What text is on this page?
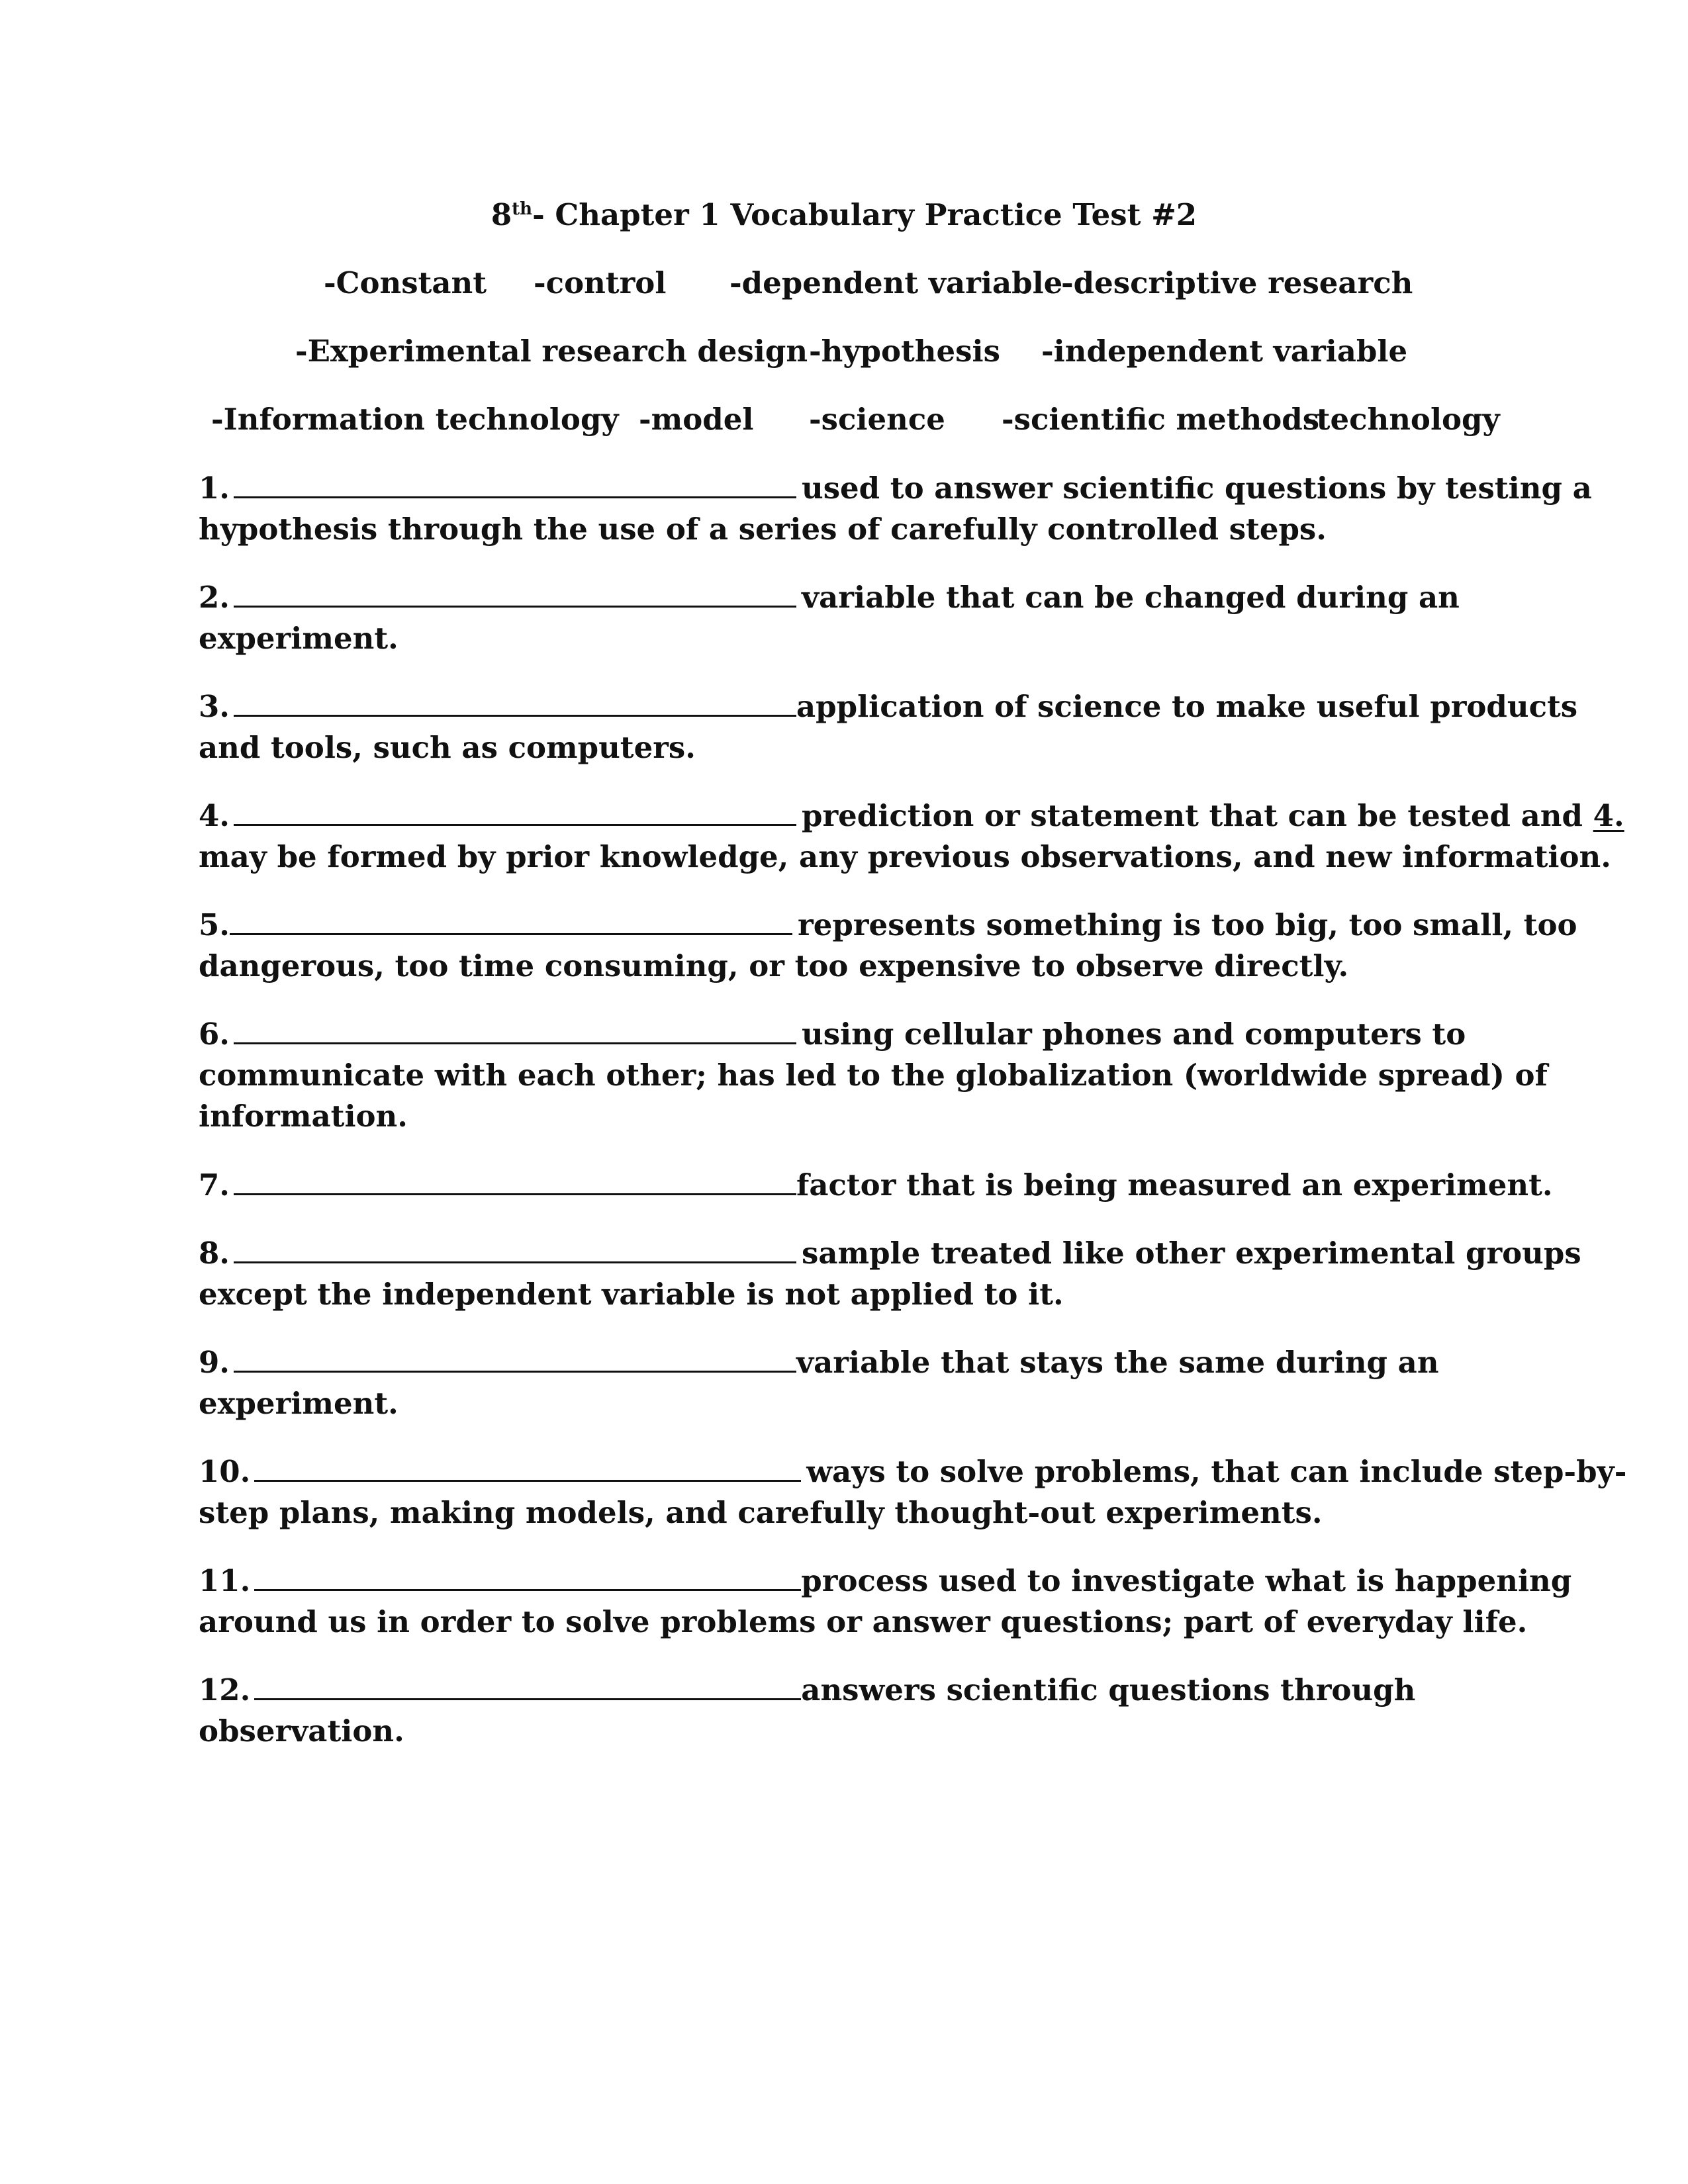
8th- Chapter 1 Vocabulary Practice Test #2
-Constant -control -dependent variable
-descriptive research
-Experimental research design -hypothesis -independent variable
-Information technology -model -science -scientific methods
-technology
1.	used to answer scientific questions by testing a
hypothesis through the use of a series of carefully controlled steps.
2.	variable that can be changed during an
experiment.
3.	application of science to make useful products
and tools, such as computers.
4.	prediction or statement that can be tested and 4.
may be formed by prior knowledge, any previous observations, and new information.
5.	represents something is too big, too small, too
dangerous, too time consuming, or too expensive to observe directly.
6.	using cellular phones and computers to
communicate with each other; has led to the globalization (worldwide spread) of
information.
7.	factor that is being measured an experiment.
8.	sample treated like other experimental groups
except the independent variable is not applied to it.
9.	variable that stays the same during an
experiment.
10.	ways to solve problems, that can include step-by-
step plans, making models, and carefully thought-out experiments.
11.	process used to investigate what is happening
around us in order to solve problems or answer questions; part of everyday life.
12.	answers scientific questions through
observation.
